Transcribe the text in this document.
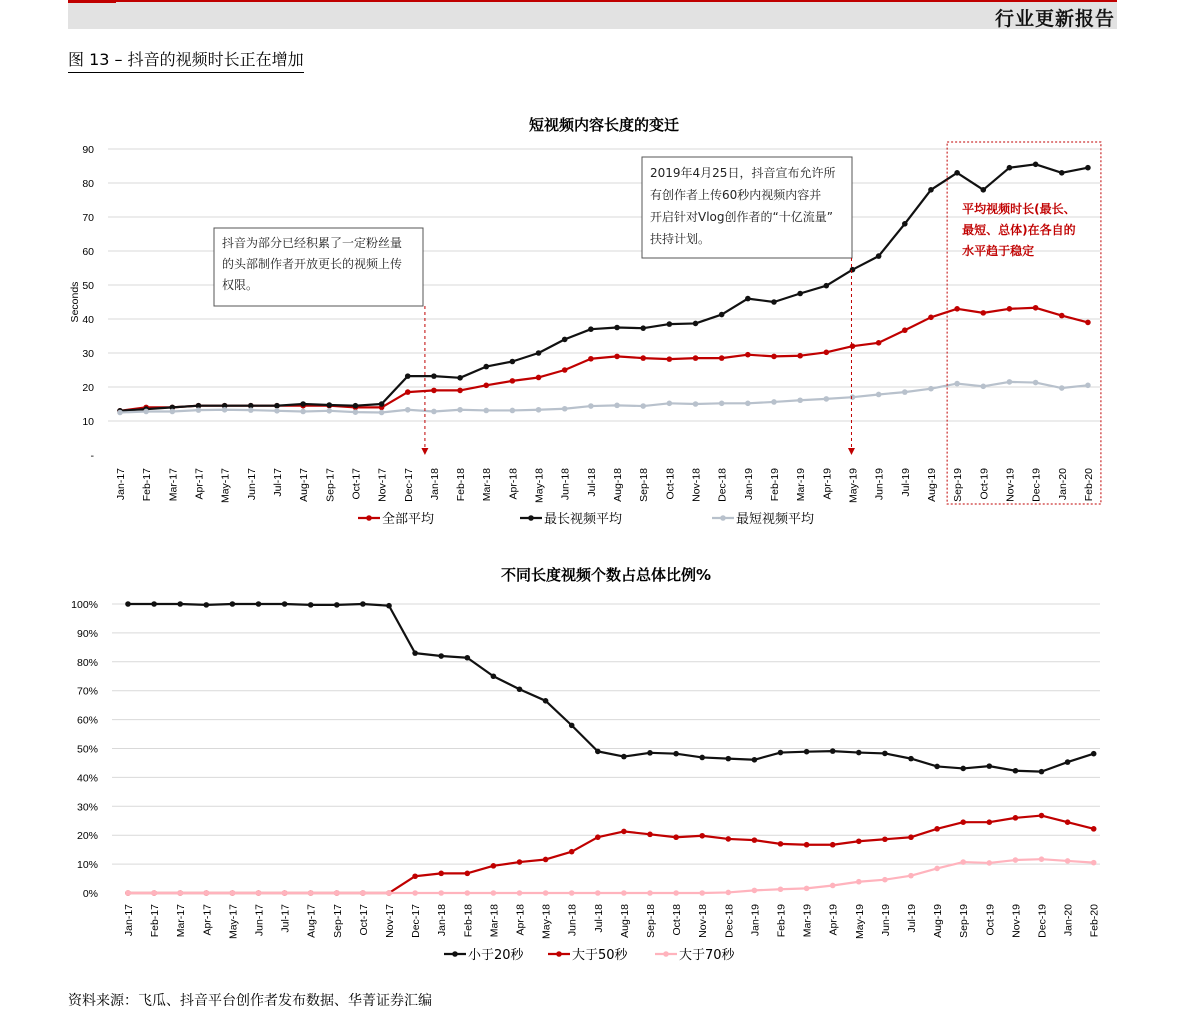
行业更新报告
图 13 – 抖音的视频时长正在增加
短视频内容长度的变迁
-
10
20
30
40
50
60
70
80
90
Seconds
Jan-17 Feb-17 Mar-17 Apr-17 May-17 Jun-17 Jul-17 Aug-17 Sep-17 Oct-17 Nov-17 Dec-17 Jan-18 Feb-18 Mar-18 Apr-18 May-18 Jun-18 Jul-18 Aug-18 Sep-18 Oct-18 Nov-18 Dec-18 Jan-19 Feb-19 Mar-19 Apr-19 May-19 Jun-19 Jul-19 Aug-19 Sep-19 Oct-19 Nov-19 Dec-19 Jan-20 Feb-20
全部平均	最长视频平均	最短视频平均
抖音为部分已经积累了一定粉丝量
的头部制作者开放更长的视频上传
权限。
2019年4月25日，抖音宣布允许所
有创作者上传60秒内视频内容并
开启针对Vlog创作者的“十亿流量”
扶持计划。
平均视频时长(最长、
最短、总体)在各自的
水平趋于稳定
不同长度视频个数占总体比例%
0%
10%
20%
30%
40%
50%
60%
70%
80%
90%
100%
Jan-17 Feb-17 Mar-17 Apr-17 May-17 Jun-17 Jul-17 Aug-17 Sep-17 Oct-17 Nov-17 Dec-17 Jan-18 Feb-18 Mar-18 Apr-18 May-18 Jun-18 Jul-18 Aug-18 Sep-18 Oct-18 Nov-18 Dec-18 Jan-19 Feb-19 Mar-19 Apr-19 May-19 Jun-19 Jul-19 Aug-19 Sep-19 Oct-19 Nov-19 Dec-19 Jan-20 Feb-20
小于20秒	大于50秒	大于70秒
资料来源：飞瓜、抖音平台创作者发布数据、华菁证券汇编
